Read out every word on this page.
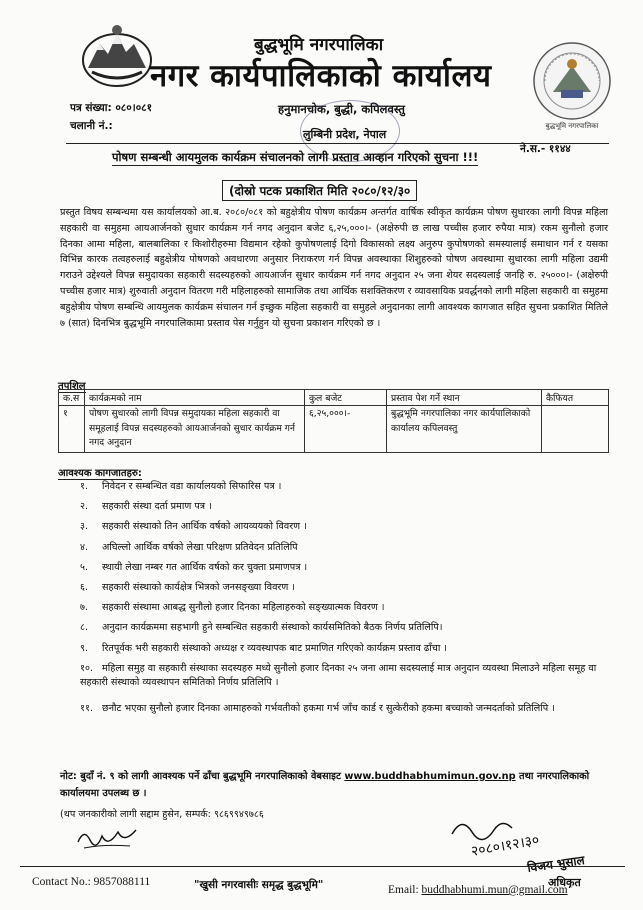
बुद्धभूमि नगरपालिका
बुद्धभूमि नगरपालिका
नगर कार्यपालिकाको कार्यालय
हनुमानचोक, बुद्धी, कपिलवस्तु
लुम्बिनी प्रदेश, नेपाल
पत्र संख्या: ०८०।०८१
चलानी नं.:
ने.स.- ११४४
पोषण सम्बन्धी आयमुलक कार्यक्रम संचालनको लागी प्रस्ताव आव्हान गरिएको सुचना !!!
(दोस्रो पटक प्रकाशित मिति २०८०/१२/३०
प्रस्तुत विषय सम्बन्धमा यस कार्यालयको आ.ब. २०८०/०८१ को बहुक्षेत्रीय पोषण कार्यक्रम अन्तर्गत वार्षिक स्वीकृत कार्यक्रम पोषण सुधारका लागी विपन्न महिला सहकारी वा समुहमा आयआर्जनको सुधार कार्यक्रम गर्न नगद अनुदान बजेट ६,२५,०००।- (अक्षेरुपी छ लाख पच्चीस हजार रुपैया मात्र) रकम सुनौलो हजार दिनका आमा महिला, बालबालिका र किशोरीहरुमा विद्यमान रहेको कुपोषणलाई दिगो विकासको लक्ष्य अनुरुप कुपोषणको समस्यालाई समाधान गर्न र यसका विभिन्न कारक तत्वहरुलाई बहुक्षेत्रीय पोषणको अवधारणा अनुसार निराकरण गर्न विपन्न अवस्थाका शिशुहरुको पोषण अवस्थामा सुधारका लागी महिला उद्यमी गराउने उद्देश्यले विपन्न समुदायका सहकारी सदस्यहरुको आयआर्जन सुधार कार्यक्रम गर्न नगद अनुदान २५ जना शेयर सदस्यलाई जनहि रु. २५०००।- (अक्षेरुपी पच्चीस हजार मात्र) शुरुवाती अनुदान वितरण गरी महिलाहरुको सामाजिक तथा आर्थिक सशक्तिकरण र व्यावसायिक प्रवर्द्धनको लागी महिला सहकारी वा समुहमा बहुक्षेत्रीय पोषण सम्बन्धि आयमुलक कार्यक्रम संचालन गर्न इच्छुक महिला सहकारी वा समुहले अनुदानका लागी आवश्यक कागजात सहित सुचना प्रकाशित मितिले ७ (सात) दिनभित्र बुद्धभूमि नगरपालिकामा प्रस्ताव पेस गर्नुहुन यो सुचना प्रकाशन गरिएको छ ।
तपशिल
क.स	कार्यक्रमको नाम	कुल बजेट	प्रस्ताव पेश गर्ने स्थान	कैफियत
१	पोषण सुधारको लागी विपन्न समुदायका महिला सहकारी वा समूहलाई विपन्न सदस्यहरुको आयआर्जनको सुधार कार्यक्रम गर्न नगद अनुदान	६,२५,०००।-	बुद्धभूमि नगरपालिका नगर कार्यपालिकाको कार्यालय कपिलवस्तु	
आवश्यक कागजातहरु:
१. निवेदन र सम्बन्धित वडा कार्यालयको सिफारिस पत्र ।
२. सहकारी संस्था दर्ता प्रमाण पत्र ।
३. सहकारी संस्थाको तिन आर्थिक वर्षको आयव्ययको विवरण ।
४. अघिल्लो आर्थिक वर्षको लेखा परिक्षण प्रतिवेदन प्रतिलिपि
५. स्थायी लेखा नम्बर गत आर्थिक वर्षको कर चुक्ता प्रमाणपत्र ।
६. सहकारी संस्थाको कार्यक्षेत्र भित्रको जनसङ्ख्या विवरण ।
७. सहकारी संस्थामा आबद्ध सुनौलो हजार दिनका महिलाहरुको सङ्ख्यात्मक विवरण ।
८. अनुदान कार्यक्रममा सहभागी हुने सम्बन्धित सहकारी संस्थाको कार्यसमितिको बैठक निर्णय प्रतिलिपि।
९. रितपूर्वक भरी सहकारी संस्थाको अध्यक्ष र व्यवस्थापक बाट प्रमाणित गरिएको कार्यक्रम प्रस्ताव ढाँचा ।
१०. महिला समुह वा सहकारी संस्थाका सदस्यहरु मध्ये सुनौलो हजार दिनका २५ जना आमा सदस्यलाई मात्र अनुदान व्यवस्था मिलाउने महिला समूह वा सहकारी संस्थाको व्यवस्थापन समितिको निर्णय प्रतिलिपि ।
११. छनौट भएका सुनौलो हजार दिनका आमाहरुको गर्भवतीको हकमा गर्भ जाँच कार्ड र सुत्केरीको हकमा बच्चाको जन्मदर्ताको प्रतिलिपि ।
नोट: बुदाँ नं. ९ को लागी आवश्यक पर्ने ढाँचा बुद्धभूमि नगरपालिकाको वेबसाइट www.buddhabhumimun.gov.np तथा नगरपालिकाको कार्यालयमा उपलब्ध छ ।
(थप जनकारीको लागी सद्दाम हुसेन, सम्पर्क: ९८६९९४९७८६
२०८०।१२।३०
विजय भुसाल
अधिकृत
Contact No.: 9857088111	"खुसी नगरवासीः समृद्ध बुद्धभूमि"	Email: buddhabhumi.mun@gmail.com
